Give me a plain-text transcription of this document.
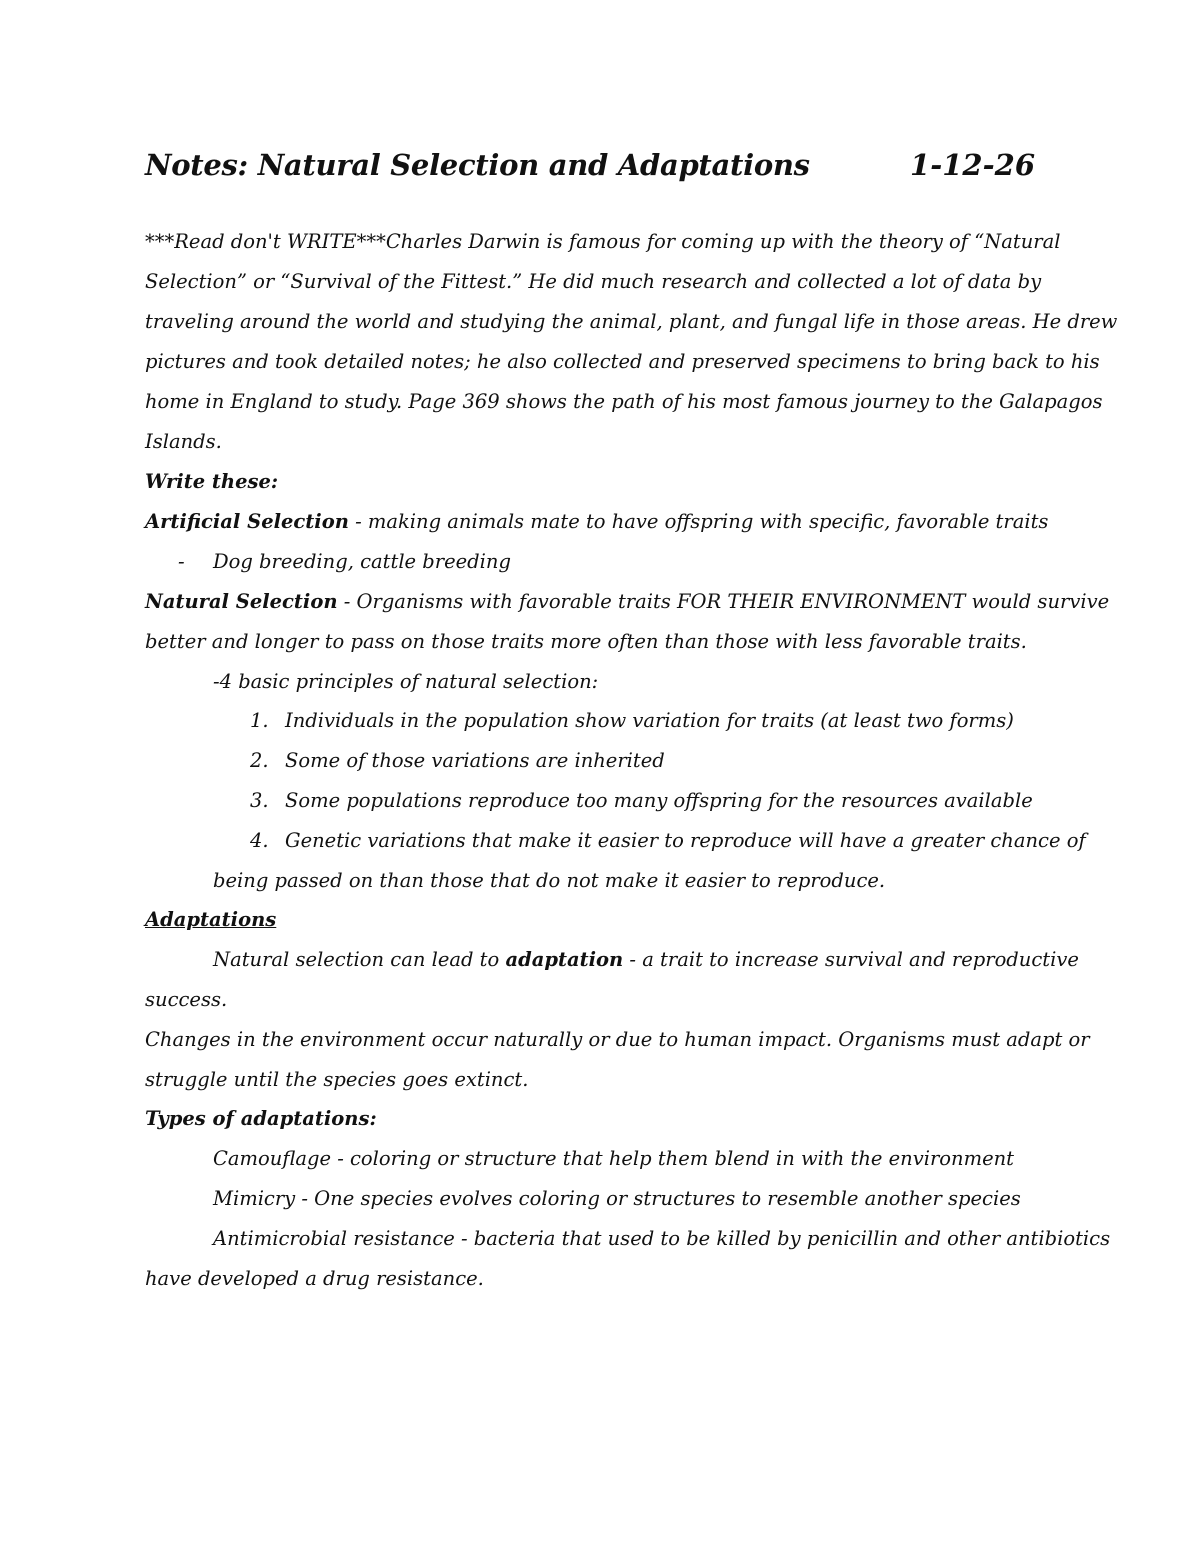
Notes: Natural Selection and Adaptations	1-12-26
***Read don't WRITE***Charles Darwin is famous for coming up with the theory of “Natural
Selection” or “Survival of the Fittest.” He did much research and collected a lot of data by
traveling around the world and studying the animal, plant, and fungal life in those areas. He drew
pictures and took detailed notes; he also collected and preserved specimens to bring back to his
home in England to study. Page 369 shows the path of his most famous journey to the Galapagos
Islands.
Write these:
Artificial Selection - making animals mate to have offspring with specific, favorable traits
- Dog breeding, cattle breeding
Natural Selection - Organisms with favorable traits FOR THEIR ENVIRONMENT would survive
better and longer to pass on those traits more often than those with less favorable traits.
-4 basic principles of natural selection:
1. Individuals in the population show variation for traits (at least two forms)
2. Some of those variations are inherited
3. Some populations reproduce too many offspring for the resources available
4. Genetic variations that make it easier to reproduce will have a greater chance of
being passed on than those that do not make it easier to reproduce.
Adaptations
Natural selection can lead to adaptation - a trait to increase survival and reproductive
success.
Changes in the environment occur naturally or due to human impact. Organisms must adapt or
struggle until the species goes extinct.
Types of adaptations:
Camouflage - coloring or structure that help them blend in with the environment
Mimicry - One species evolves coloring or structures to resemble another species
Antimicrobial resistance - bacteria that used to be killed by penicillin and other antibiotics
have developed a drug resistance.
